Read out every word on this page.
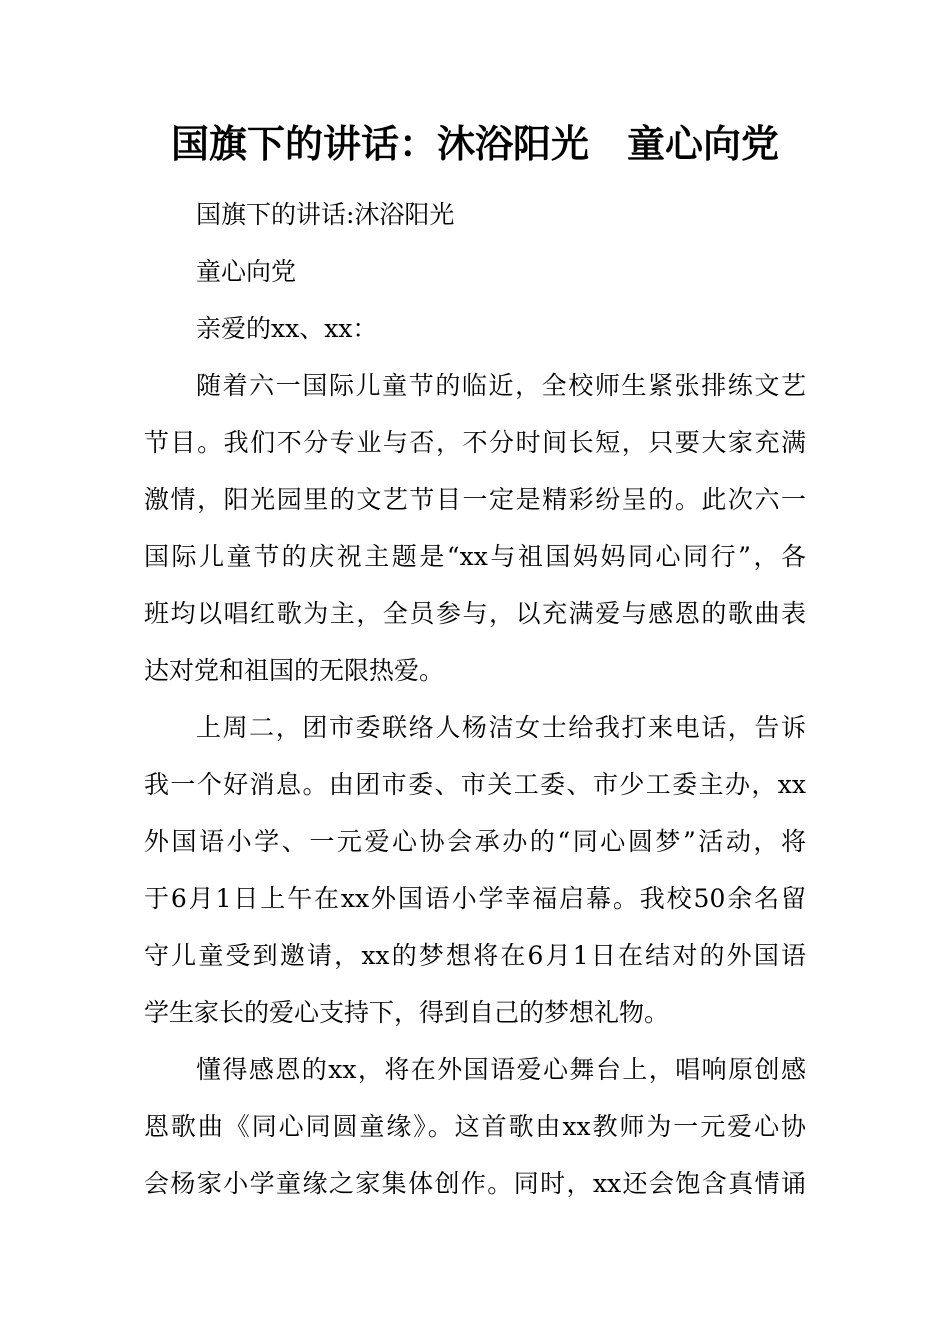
国旗下的讲话：沐浴阳光　童心向党
国旗下的讲话:沐浴阳光
童心向党
亲爱的xx、xx：
随着六一国际儿童节的临近，全校师生紧张排练文艺
节目。我们不分专业与否，不分时间长短，只要大家充满
激情，阳光园里的文艺节目一定是精彩纷呈的。此次六一
国际儿童节的庆祝主题是“xx与祖国妈妈同心同行”，各
班均以唱红歌为主，全员参与，以充满爱与感恩的歌曲表
达对党和祖国的无限热爱。
上周二，团市委联络人杨洁女士给我打来电话，告诉
我一个好消息。由团市委、市关工委、市少工委主办，xx
外国语小学、一元爱心协会承办的“同心圆梦”活动，将
于6月1日上午在xx外国语小学幸福启幕。我校50余名留
守儿童受到邀请，xx的梦想将在6月1日在结对的外国语
学生家长的爱心支持下，得到自己的梦想礼物。
懂得感恩的xx，将在外国语爱心舞台上，唱响原创感
恩歌曲《同心同圆童缘》。这首歌由xx教师为一元爱心协
会杨家小学童缘之家集体创作。同时，xx还会饱含真情诵
